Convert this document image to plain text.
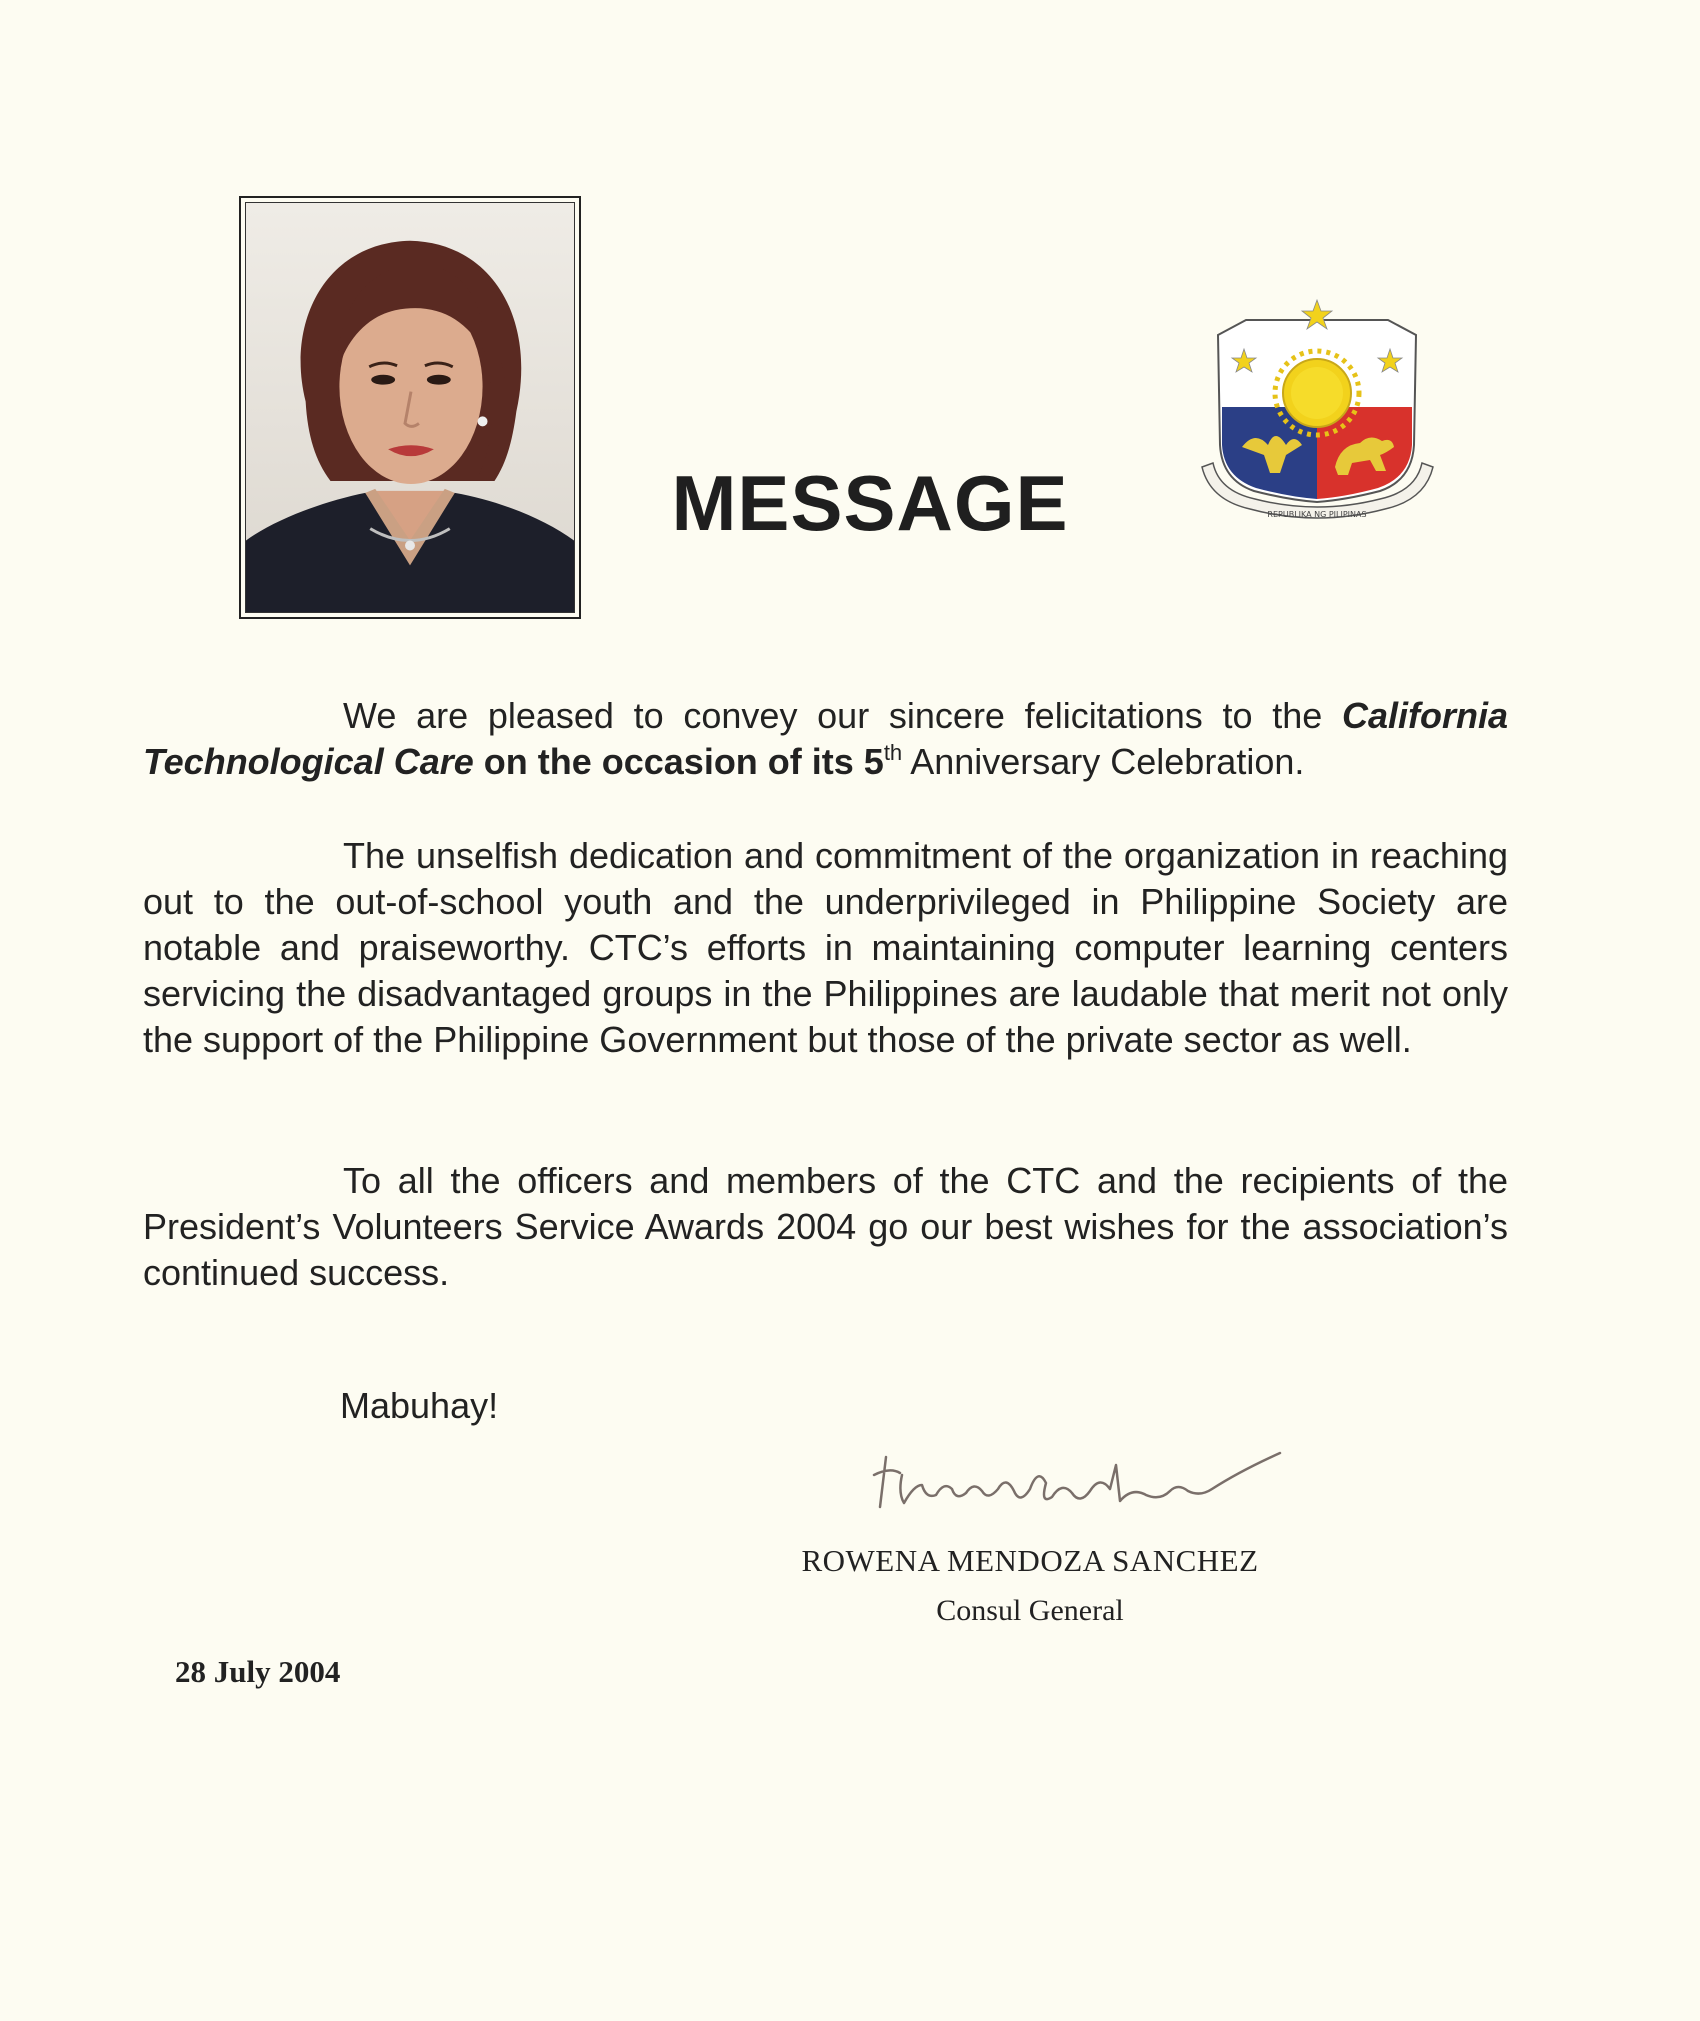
MESSAGE	REPUBLIKA NG PILIPINAS

We are pleased to convey our sincere felicitations to the California Technological Care on the occasion of its 5th Anniversary Celebration.

The unselfish dedication and commitment of the organization in reaching out to the out-of-school youth and the underprivileged in Philippine Society are notable and praiseworthy. CTC’s efforts in maintaining computer learning centers servicing the disadvantaged groups in the Philippines are laudable that merit not only the support of the Philippine Government but those of the private sector as well.

To all the officers and members of the CTC and the recipients of the President’s Volunteers Service Awards 2004 go our best wishes for the association’s continued success.

Mabuhay!
ROWENA MENDOZA SANCHEZ
Consul General
28 July 2004
